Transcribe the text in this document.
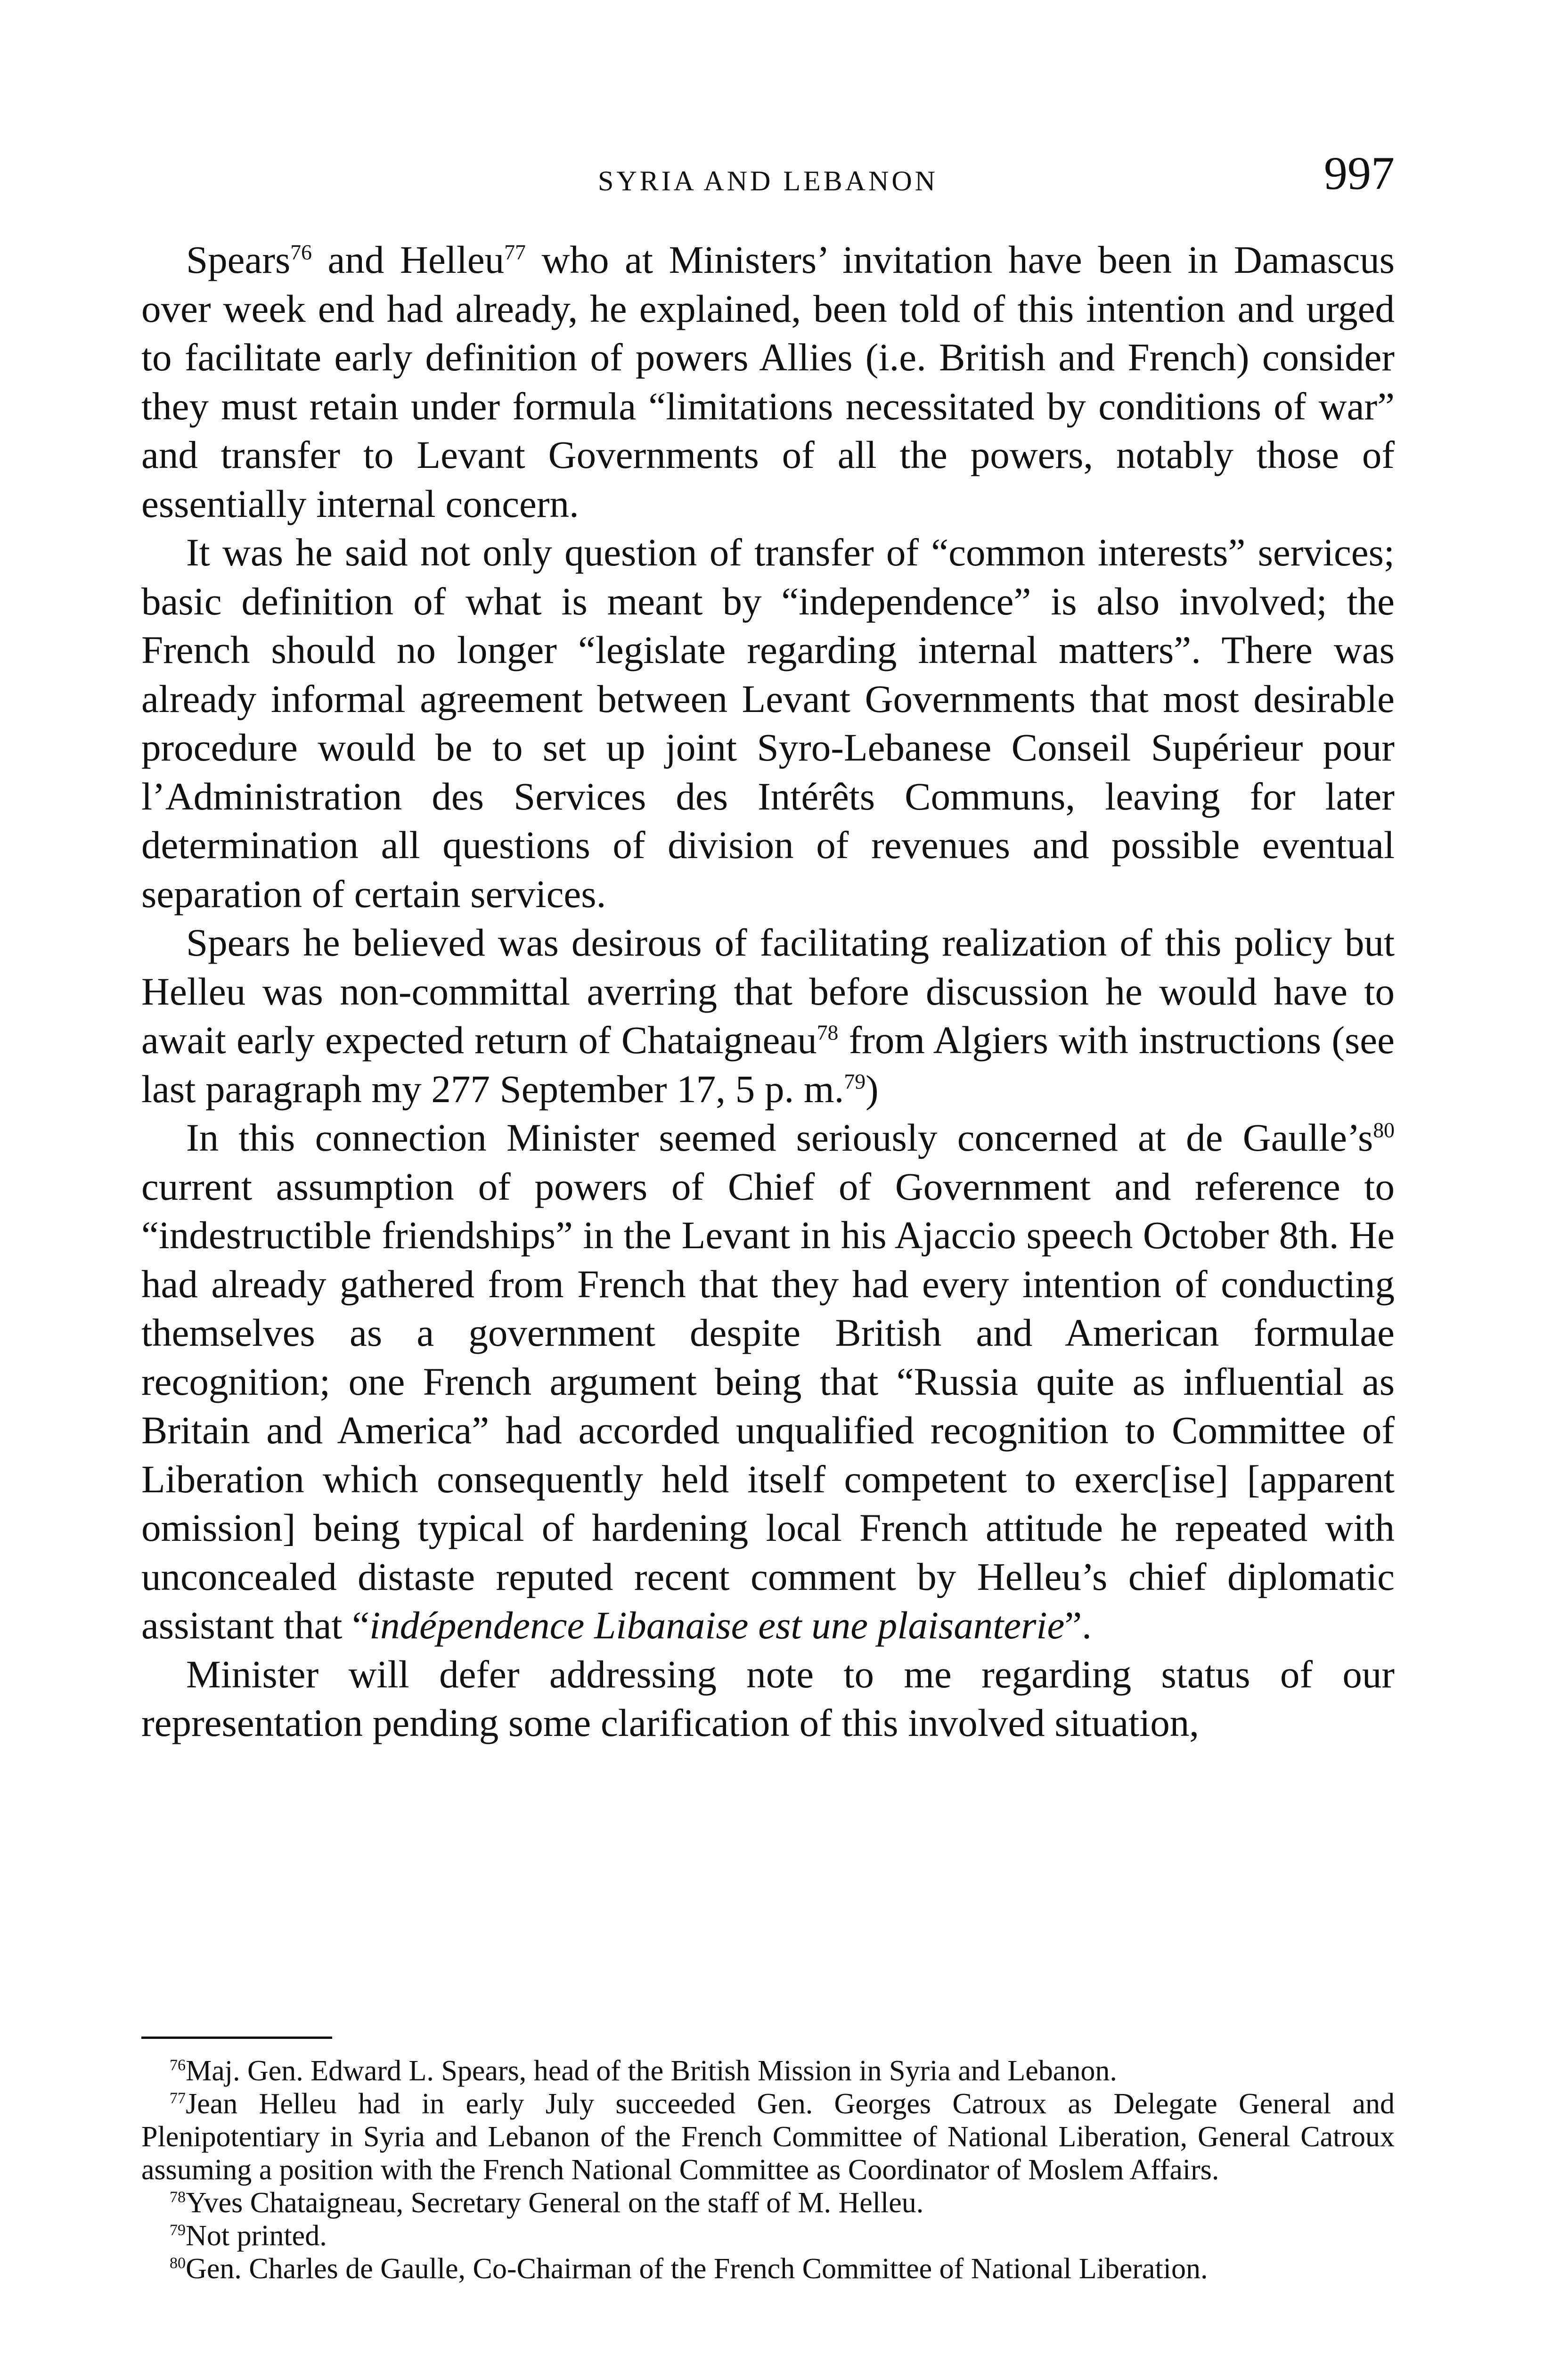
SYRIA AND LEBANON	997

Spears$^{76}$ and Helleu$^{77}$ who at Ministers’ invitation have been in Damascus over week end had already, he explained, been told of this intention and urged to facilitate early definition of powers Allies (i.e. British and French) consider they must retain under formula “limitations necessitated by conditions of war” and transfer to Levant Governments of all the powers, notably those of essentially internal concern.

It was he said not only question of transfer of “common interests” services; basic definition of what is meant by “independence” is also involved; the French should no longer “legislate regarding internal matters”. There was already informal agreement between Levant Governments that most desirable procedure would be to set up joint Syro-Lebanese Conseil Supérieur pour l’Administration des Services des Intérêts Communs, leaving for later determination all questions of division of revenues and possible eventual separation of certain services.

Spears he believed was desirous of facilitating realization of this policy but Helleu was non-committal averring that before discussion he would have to await early expected return of Chataigneau$^{78}$ from Algiers with instructions (see last paragraph my 277 September 17, 5 p. m.$^{79}$)

In this connection Minister seemed seriously concerned at de $Gaulle’s^{80}$ current assumption of powers of Chief of Government and reference to “indestructible friendships” in the Levant in his Ajaccio speech October 8th. He had already gathered from French that they had every intention of conducting themselves as a government despite British and American formulae recognition; one French argument being that “Russia quite as influential as Britain and America” had accorded unqualified recognition to Committee of Liberation which consequently held itself competent to exerc[ise] [apparent omission] being typical of hardening local French attitude he repeated with unconcealed distaste reputed recent comment by Helleu’s chief diplomatic assistant that “indépendence Libanaise est une plaisanterie”.

Minister will defer addressing note to me regarding status of our representation pending some clarification of this involved situation,

$^{76}$Maj. Gen. Edward L. Spears, head of the British Mission in Syria and Lebanon.

$^{77}$Jean Helleu had in early July succeeded Gen. Georges Catroux as Delegate General and Plenipotentiary in Syria and Lebanon of the French Committee of National Liberation, General Catroux assuming a position with the French National Committee as Coordinator of Moslem Affairs.

$^{78}$Yves Chataigneau, Secretary General on the staff of M. Helleu.

$^{79}$Not printed.

$^{80}$Gen. Charles de Gaulle, Co-Chairman of the French Committee of National Liberation.
